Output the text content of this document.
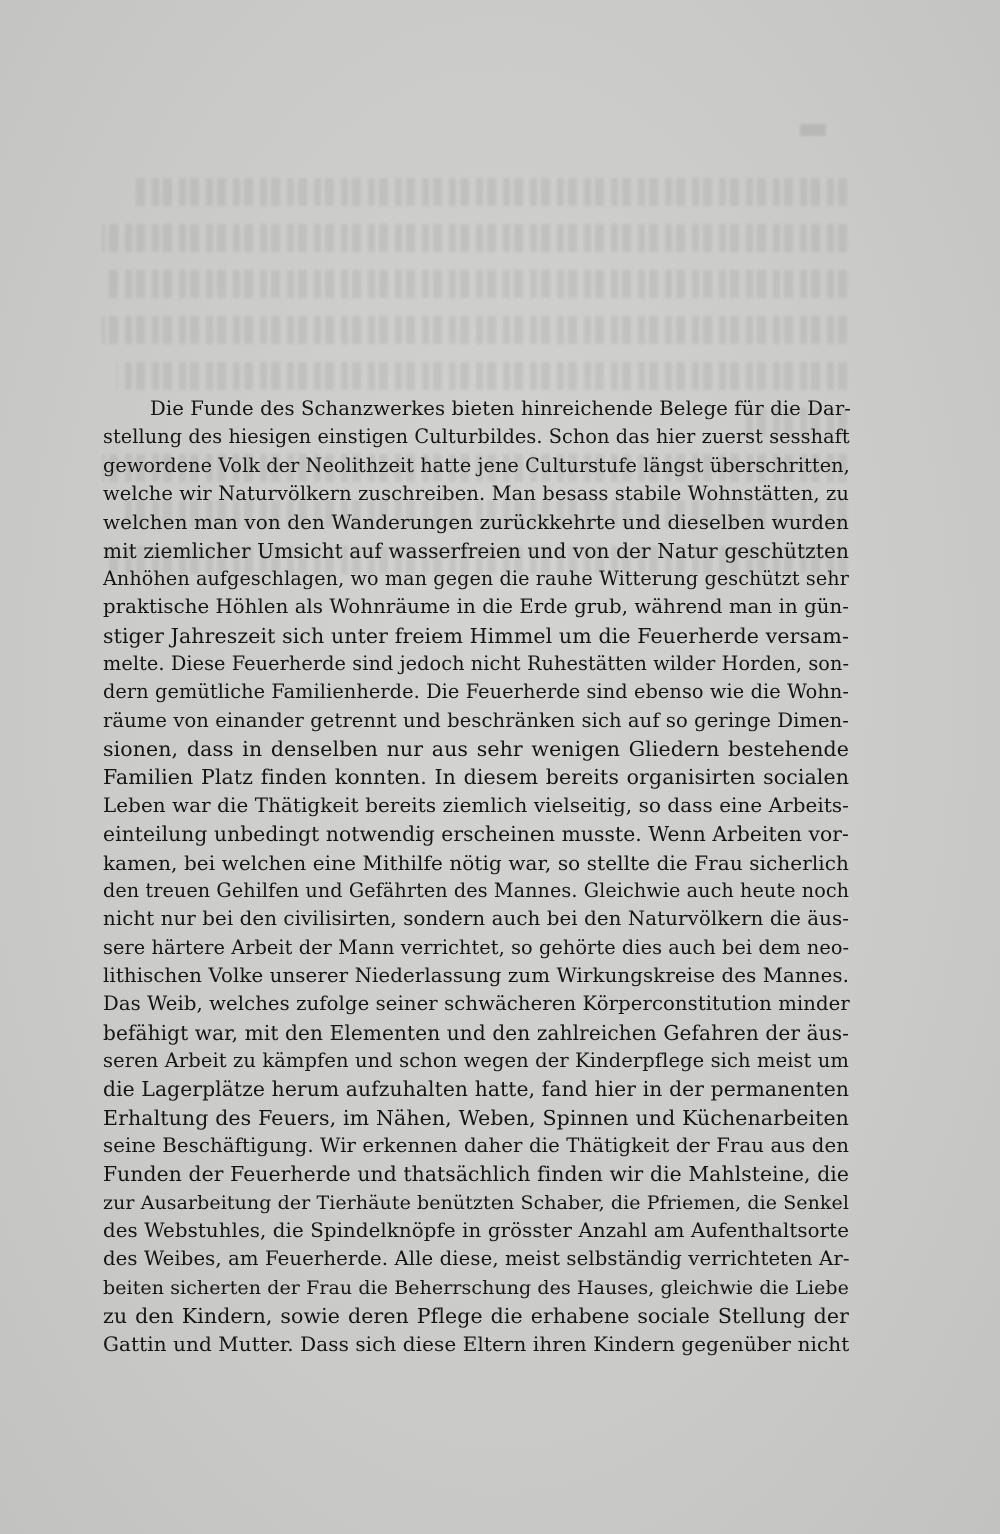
Die Funde des Schanzwerkes bieten hinreichende Belege für die Dar-
stellung des hiesigen einstigen Culturbildes. Schon das hier zuerst sesshaft
gewordene Volk der Neolithzeit hatte jene Culturstufe längst überschritten,
welche wir Naturvölkern zuschreiben. Man besass stabile Wohnstätten, zu
welchen man von den Wanderungen zurückkehrte und dieselben wurden
mit ziemlicher Umsicht auf wasserfreien und von der Natur geschützten
Anhöhen aufgeschlagen, wo man gegen die rauhe Witterung geschützt sehr
praktische Höhlen als Wohnräume in die Erde grub, während man in gün-
stiger Jahreszeit sich unter freiem Himmel um die Feuerherde versam-
melte. Diese Feuerherde sind jedoch nicht Ruhestätten wilder Horden, son-
dern gemütliche Familienherde. Die Feuerherde sind ebenso wie die Wohn-
räume von einander getrennt und beschränken sich auf so geringe Dimen-
sionen, dass in denselben nur aus sehr wenigen Gliedern bestehende
Familien Platz finden konnten. In diesem bereits organisirten socialen
Leben war die Thätigkeit bereits ziemlich vielseitig, so dass eine Arbeits-
einteilung unbedingt notwendig erscheinen musste. Wenn Arbeiten vor-
kamen, bei welchen eine Mithilfe nötig war, so stellte die Frau sicherlich
den treuen Gehilfen und Gefährten des Mannes. Gleichwie auch heute noch
nicht nur bei den civilisirten, sondern auch bei den Naturvölkern die äus-
sere härtere Arbeit der Mann verrichtet, so gehörte dies auch bei dem neo-
lithischen Volke unserer Niederlassung zum Wirkungskreise des Mannes.
Das Weib, welches zufolge seiner schwächeren Körperconstitution minder
befähigt war, mit den Elementen und den zahlreichen Gefahren der äus-
seren Arbeit zu kämpfen und schon wegen der Kinderpflege sich meist um
die Lagerplätze herum aufzuhalten hatte, fand hier in der permanenten
Erhaltung des Feuers, im Nähen, Weben, Spinnen und Küchenarbeiten
seine Beschäftigung. Wir erkennen daher die Thätigkeit der Frau aus den
Funden der Feuerherde und thatsächlich finden wir die Mahlsteine, die
zur Ausarbeitung der Tierhäute benützten Schaber, die Pfriemen, die Senkel
des Webstuhles, die Spindelknöpfe in grösster Anzahl am Aufenthaltsorte
des Weibes, am Feuerherde. Alle diese, meist selbständig verrichteten Ar-
beiten sicherten der Frau die Beherrschung des Hauses, gleichwie die Liebe
zu den Kindern, sowie deren Pflege die erhabene sociale Stellung der
Gattin und Mutter. Dass sich diese Eltern ihren Kindern gegenüber nicht
